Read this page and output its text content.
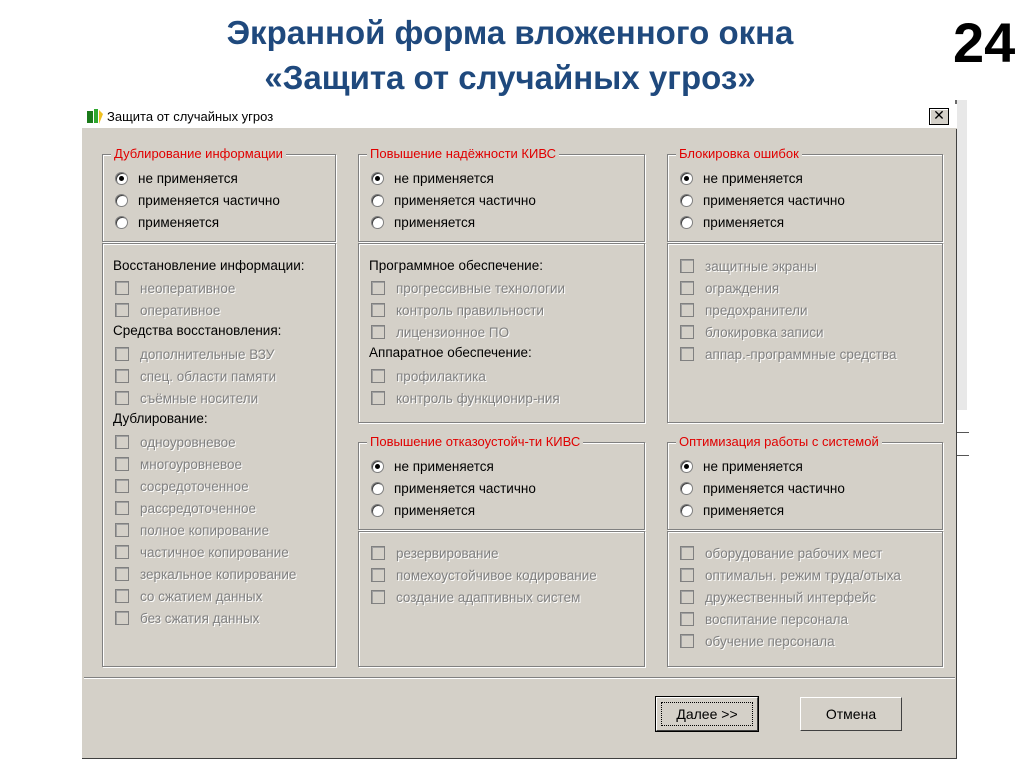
Экранной форма вложенного окна
«Защита от случайных угроз»
24
Защита от случайных угроз	✕
Дублирование информации
не применяется
применяется частично
применяется
Повышение надёжности КИВС
не применяется
применяется частично
применяется
Блокировка ошибок
не применяется
применяется частично
применяется
Восстановление информации:
неоперативное
оперативное
Средства восстановления:
дополнительные ВЗУ
спец. области памяти
съёмные носители
Дублирование:
одноуровневое
многоуровневое
сосредоточенное
рассредоточенное
полное копирование
частичное копирование
зеркальное копирование
со сжатием данных
без сжатия данных
Программное обеспечение:
прогрессивные технологии
контроль правильности
лицензионное ПО
Аппаратное обеспечение:
профилактика
контроль функционир-ния
защитные экраны
ограждения
предохранители
блокировка записи
аппар.-программные средства
Повышение отказоустойч-ти КИВС
не применяется
применяется частично
применяется
Оптимизация работы с системой
не применяется
применяется частично
применяется
резервирование
помехоустойчивое кодирование
создание адаптивных систем
оборудование рабочих мест
оптимальн. режим труда/отыха
дружественный интерфейс
воспитание персонала
обучение персонала
Далее >>	Отмена
